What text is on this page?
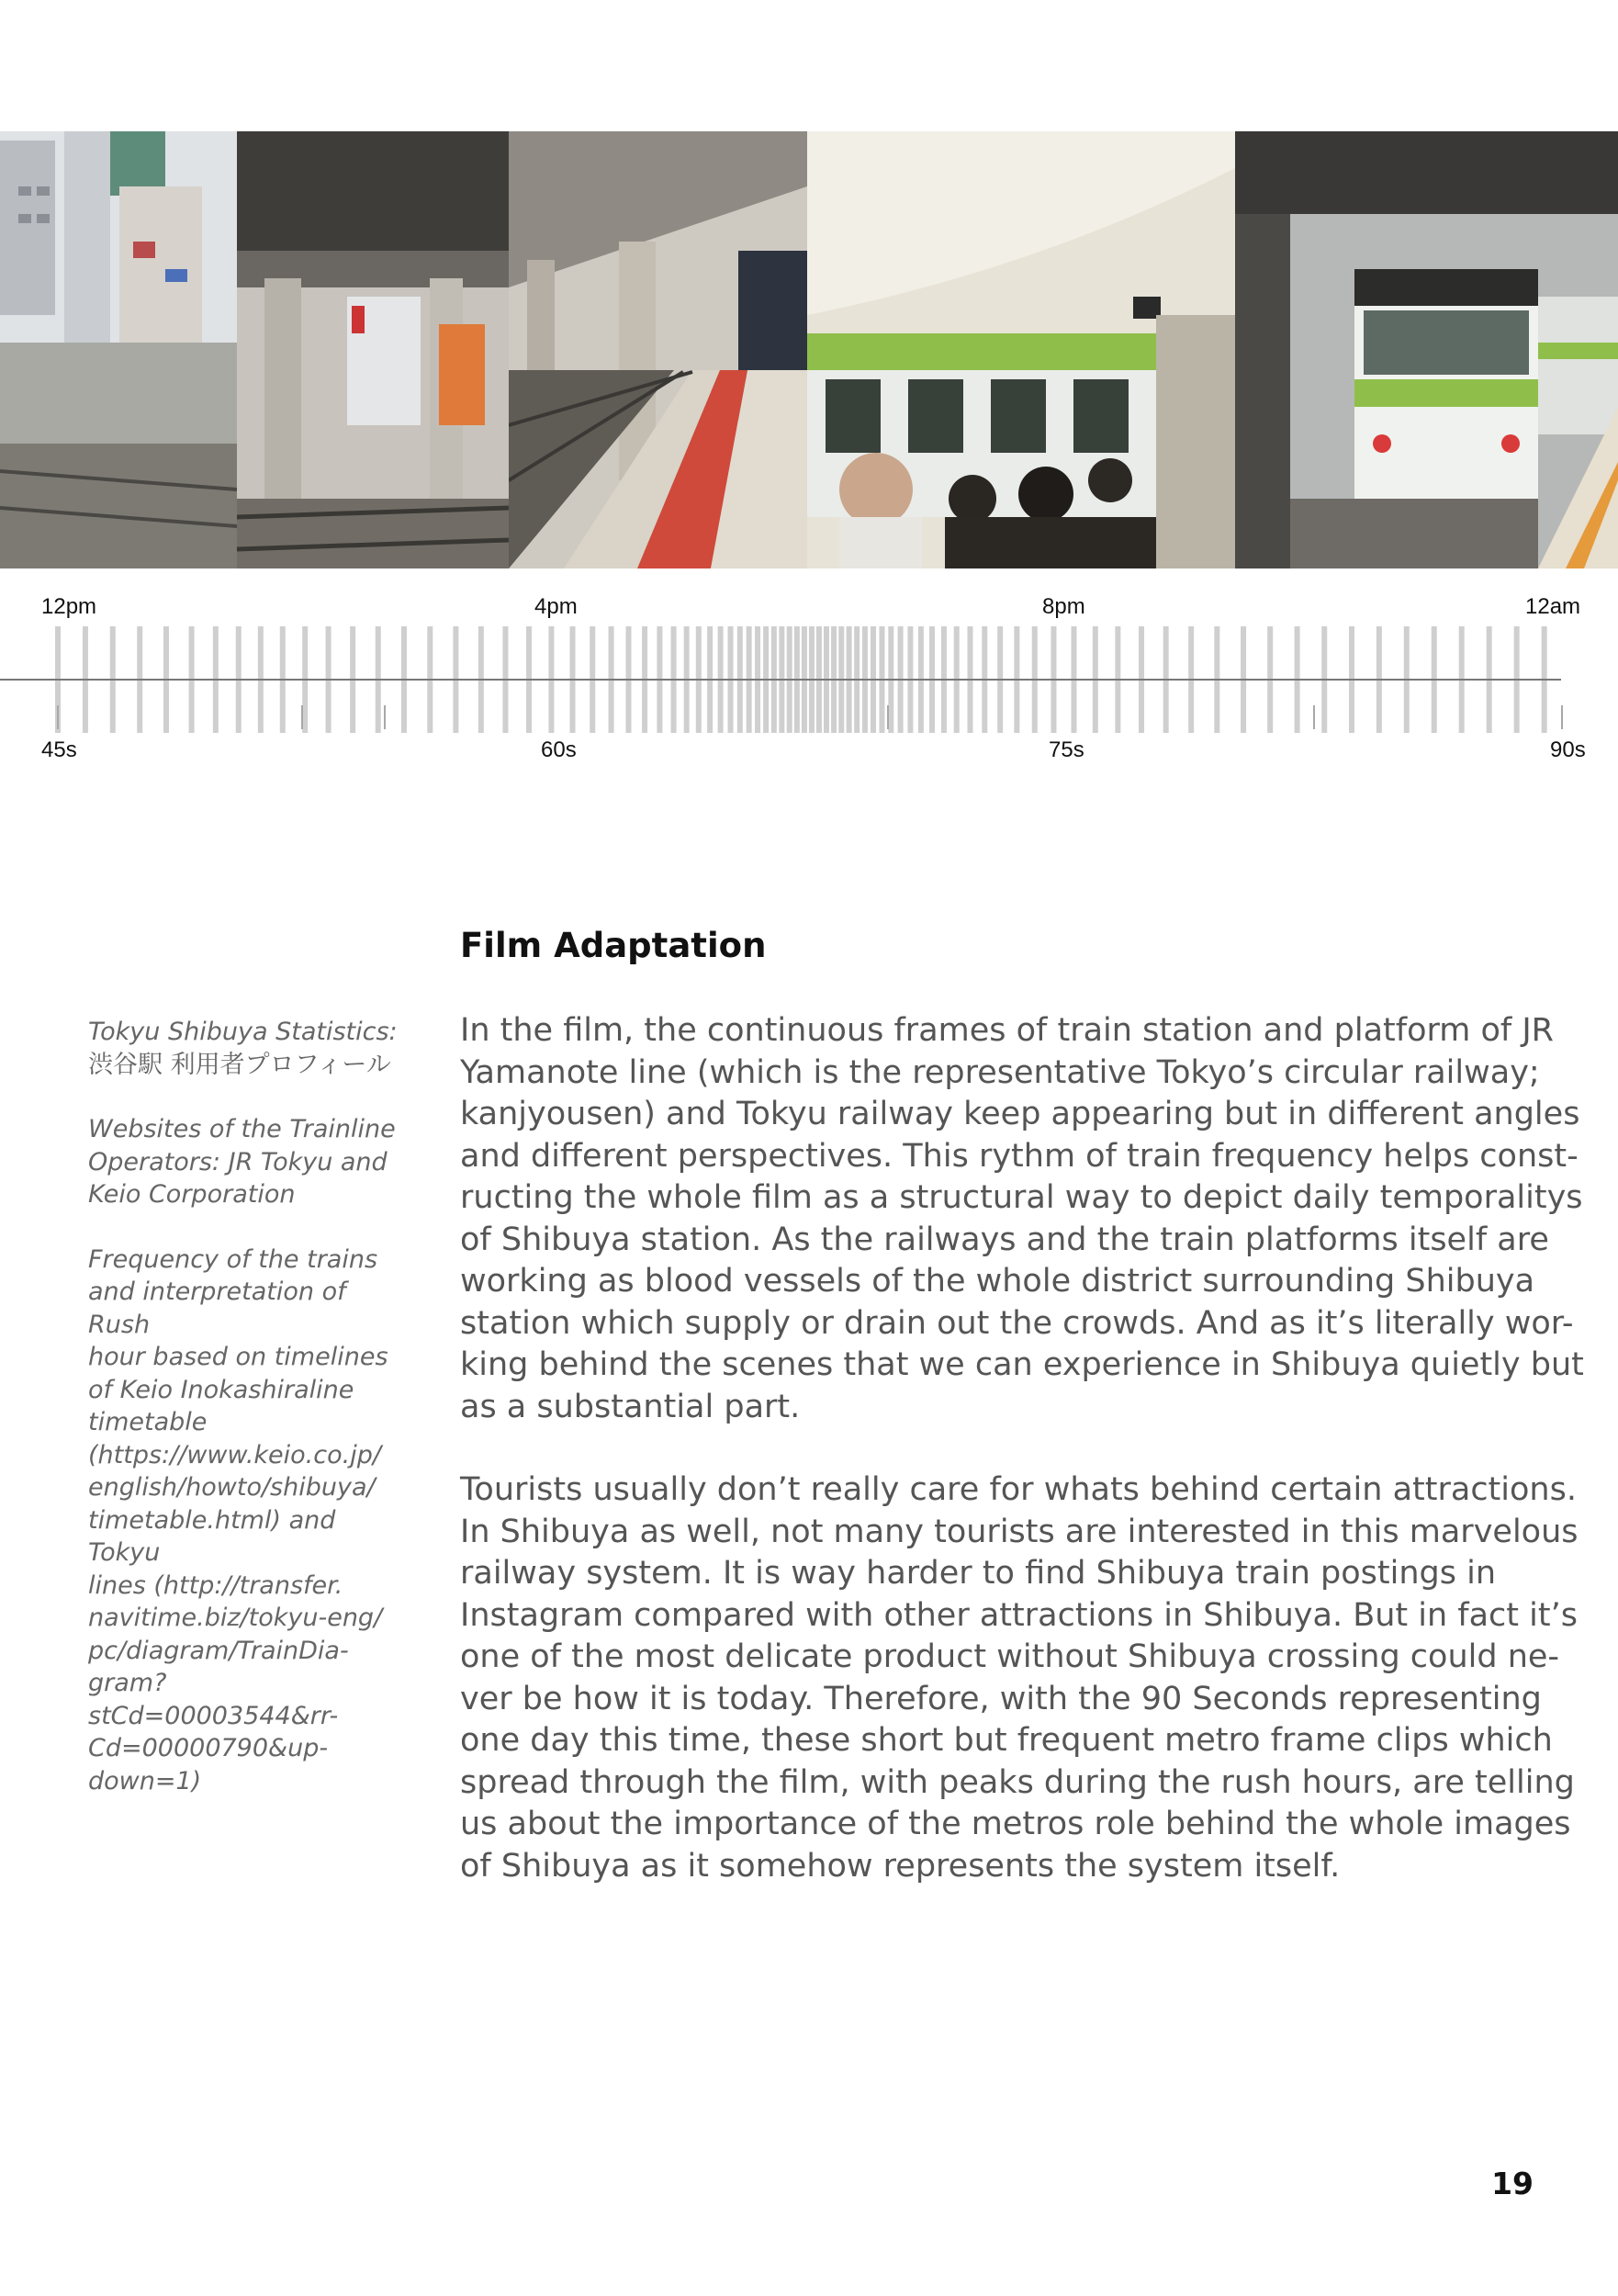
12pm	4pm	8pm	12am
45s	60s	75s	90s
Film Adaptation

Tokyu Shibuya Statistics:
渋谷駅 利用者プロフィール

Websites of the Trainline
Operators: JR Tokyu and
Keio Corporation

Frequency of the trains
and interpretation of Rush
hour based on timelines
of Keio Inokashiraline
timetable
(https://www.keio.co.jp/
english/howto/shibuya/
timetable.html) and Tokyu
lines (http://transfer.
navitime.biz/tokyu-eng/
pc/diagram/TrainDia-
gram?stCd=00003544&rr-
Cd=00000790&up-
down=1)

In the film, the continuous frames of train station and platform of JR
Yamanote line (which is the representative Tokyo’s circular railway;
kanjyousen) and Tokyu railway keep appearing but in different angles
and different perspectives. This rythm of train frequency helps const-
ructing the whole film as a structural way to depict daily temporalitys
of Shibuya station. As the railways and the train platforms itself are
working as blood vessels of the whole district surrounding Shibuya
station which supply or drain out the crowds. And as it’s literally wor-
king behind the scenes that we can experience in Shibuya quietly but
as a substantial part.

Tourists usually don’t really care for whats behind certain attractions.
In Shibuya as well, not many tourists are interested in this marvelous
railway system. It is way harder to find Shibuya train postings in
Instagram compared with other attractions in Shibuya. But in fact it’s
one of the most delicate product without Shibuya crossing could ne-
ver be how it is today. Therefore, with the 90 Seconds representing
one day this time, these short but frequent metro frame clips which
spread through the film, with peaks during the rush hours, are telling
us about the importance of the metros role behind the whole images
of Shibuya as it somehow represents the system itself.

19
